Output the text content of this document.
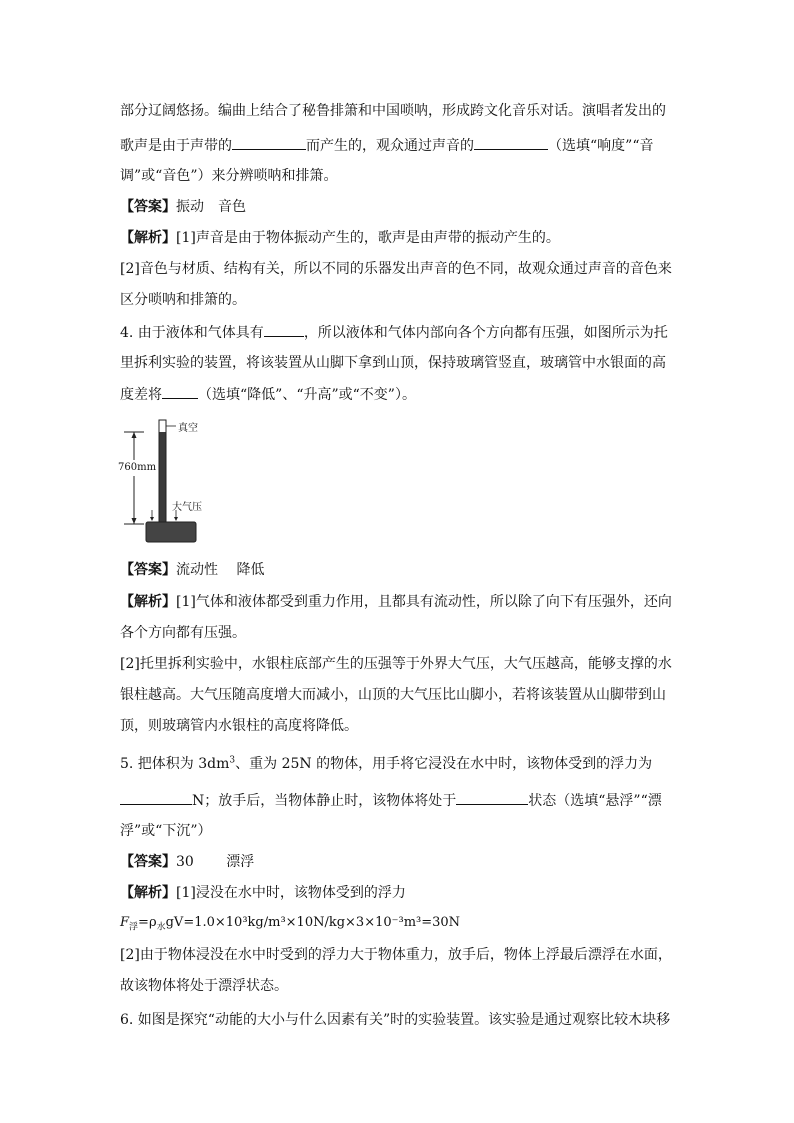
部分辽阔悠扬。编曲上结合了秘鲁排箫和中国唢呐，形成跨文化音乐对话。演唱者发出的
歌声是由于声带的	而产生的，观众通过声音的	（选填“响度”“音
调”或“音色”）来分辨唢呐和排箫。
【答案】振动　音色
【解析】[1]声音是由于物体振动产生的，歌声是由声带的振动产生的。
[2]音色与材质、结构有关，所以不同的乐器发出声音的色不同，故观众通过声音的音色来
区分唢呐和排箫的。
4. 由于液体和气体具有	，所以液体和气体内部向各个方向都有压强，如图所示为托
里拆利实验的装置，将该装置从山脚下拿到山顶，保持玻璃管竖直，玻璃管中水银面的高
度差将	（选填“降低”、“升高”或“不变”）。
真空
760mm
大气压
【答案】流动性　 降低
【解析】[1]气体和液体都受到重力作用，且都具有流动性，所以除了向下有压强外，还向
各个方向都有压强。
[2]托里拆利实验中，水银柱底部产生的压强等于外界大气压，大气压越高，能够支撑的水
银柱越高。大气压随高度增大而减小，山顶的大气压比山脚小，若将该装置从山脚带到山
顶，则玻璃管内水银柱的高度将降低。
5. 把体积为 $3dm^3$、重为 25N 的物体，用手将它浸没在水中时，该物体受到的浮力为
N；放手后，当物体静止时，该物体将处于	状态（选填“悬浮”“漂
浮”或“下沉”）
【答案】30　　 漂浮
【解析】[1]浸没在水中时，该物体受到的浮力
$F_浮=\rho_水gV=1.0\times 10^3kg/m^3\times 10N/kg\times 3\times 10^{-3}m^3=30N$
[2]由于物体浸没在水中时受到的浮力大于物体重力，放手后，物体上浮最后漂浮在水面，
故该物体将处于漂浮状态。
6. 如图是探究“动能的大小与什么因素有关”时的实验装置。该实验是通过观察比较木块移
